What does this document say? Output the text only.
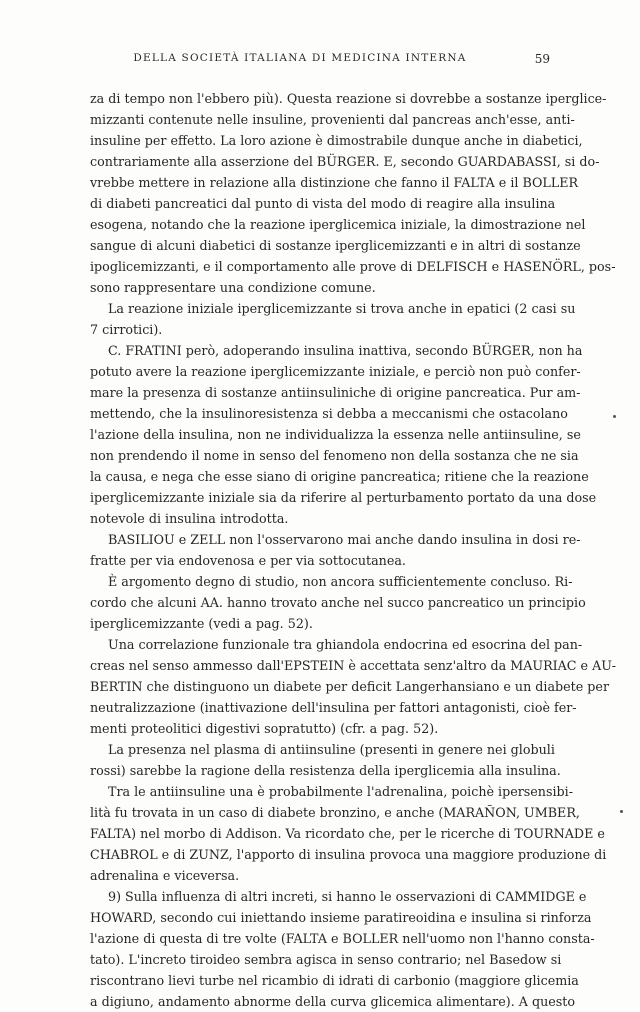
DELLA SOCIETÀ ITALIANA DI MEDICINA INTERNA	59
za di tempo non l'ebbero più). Questa reazione si dovrebbe a sostanze iperglice-
mizzanti contenute nelle insuline, provenienti dal pancreas anch'esse, anti-
insuline per effetto. La loro azione è dimostrabile dunque anche in diabetici,
contrariamente alla asserzione del BÜRGER. E, secondo GUARDABASSI, si do-
vrebbe mettere in relazione alla distinzione che fanno il FALTA e il BOLLER
di diabeti pancreatici dal punto di vista del modo di reagire alla insulina
esogena, notando che la reazione iperglicemica iniziale, la dimostrazione nel
sangue di alcuni diabetici di sostanze iperglicemizzanti e in altri di sostanze
ipoglicemizzanti, e il comportamento alle prove di DELFISCH e HASENÖRL, pos-
sono rappresentare una condizione comune.
La reazione iniziale iperglicemizzante si trova anche in epatici (2 casi su
7 cirrotici).
C. FRATINI però, adoperando insulina inattiva, secondo BÜRGER, non ha
potuto avere la reazione iperglicemizzante iniziale, e perciò non può confer-
mare la presenza di sostanze antiinsuliniche di origine pancreatica. Pur am-
mettendo, che la insulinoresistenza si debba a meccanismi che ostacolano
l'azione della insulina, non ne individualizza la essenza nelle antiinsuline, se
non prendendo il nome in senso del fenomeno non della sostanza che ne sia
la causa, e nega che esse siano di origine pancreatica; ritiene che la reazione
iperglicemizzante iniziale sia da riferire al perturbamento portato da una dose
notevole di insulina introdotta.
BASILIOU e ZELL non l'osservarono mai anche dando insulina in dosi re-
fratte per via endovenosa e per via sottocutanea.
È argomento degno di studio, non ancora sufficientemente concluso. Ri-
cordo che alcuni AA. hanno trovato anche nel succo pancreatico un principio
iperglicemizzante (vedi a pag. 52).
Una correlazione funzionale tra ghiandola endocrina ed esocrina del pan-
creas nel senso ammesso dall'EPSTEIN è accettata senz'altro da MAURIAC e AU-
BERTIN che distinguono un diabete per deficit Langerhansiano e un diabete per
neutralizzazione (inattivazione dell'insulina per fattori antagonisti, cioè fer-
menti proteolitici digestivi sopratutto) (cfr. a pag. 52).
La presenza nel plasma di antiinsuline (presenti in genere nei globuli
rossi) sarebbe la ragione della resistenza della iperglicemia alla insulina.
Tra le antiinsuline una è probabilmente l'adrenalina, poichè ipersensibi-
lità fu trovata in un caso di diabete bronzino, e anche (MARAÑON, UMBER,
FALTA) nel morbo di Addison. Va ricordato che, per le ricerche di TOURNADE e
CHABROL e di ZUNZ, l'apporto di insulina provoca una maggiore produzione di
adrenalina e viceversa.
9) Sulla influenza di altri increti, si hanno le osservazioni di CAMMIDGE e
HOWARD, secondo cui iniettando insieme paratireoidina e insulina si rinforza
l'azione di questa di tre volte (FALTA e BOLLER nell'uomo non l'hanno consta-
tato). L'increto tiroideo sembra agisca in senso contrario; nel Basedow si
riscontrano lievi turbe nel ricambio di idrati di carbonio (maggiore glicemia
a digiuno, andamento abnorme della curva glicemica alimentare). A questo
